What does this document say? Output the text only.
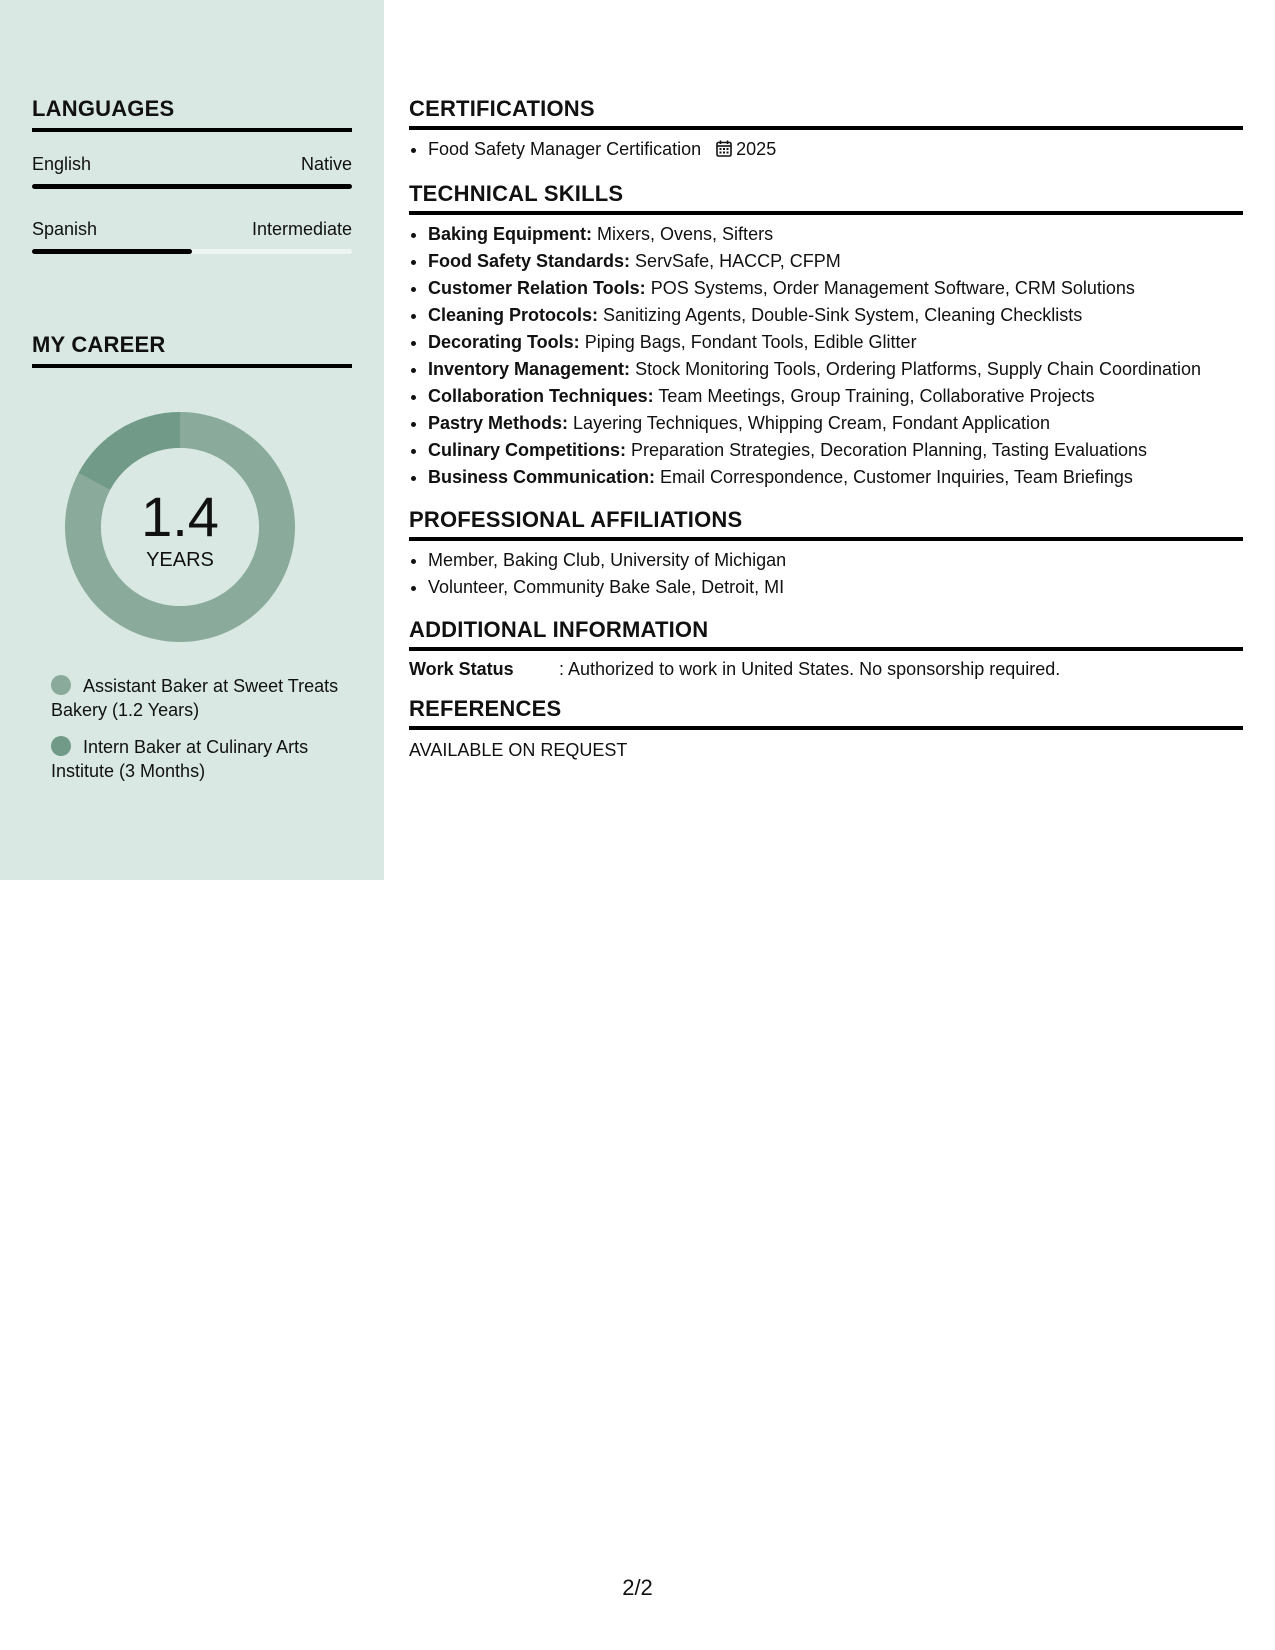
LANGUAGES
English	Native
Spanish	Intermediate
MY CAREER
1.4
YEARS
Assistant Baker at Sweet Treats Bakery (1.2 Years)
Intern Baker at Culinary Arts Institute (3 Months)
CERTIFICATIONS
• Food Safety Manager Certification 2025
TECHNICAL SKILLS
• Baking Equipment: Mixers, Ovens, Sifters
• Food Safety Standards: ServSafe, HACCP, CFPM
• Customer Relation Tools: POS Systems, Order Management Software, CRM Solutions
• Cleaning Protocols: Sanitizing Agents, Double-Sink System, Cleaning Checklists
• Decorating Tools: Piping Bags, Fondant Tools, Edible Glitter
• Inventory Management: Stock Monitoring Tools, Ordering Platforms, Supply Chain Coordination
• Collaboration Techniques: Team Meetings, Group Training, Collaborative Projects
• Pastry Methods: Layering Techniques, Whipping Cream, Fondant Application
• Culinary Competitions: Preparation Strategies, Decoration Planning, Tasting Evaluations
• Business Communication: Email Correspondence, Customer Inquiries, Team Briefings
PROFESSIONAL AFFILIATIONS
• Member, Baking Club, University of Michigan
• Volunteer, Community Bake Sale, Detroit, MI
ADDITIONAL INFORMATION
Work Status	: Authorized to work in United States. No sponsorship required.
REFERENCES
AVAILABLE ON REQUEST
2/2
